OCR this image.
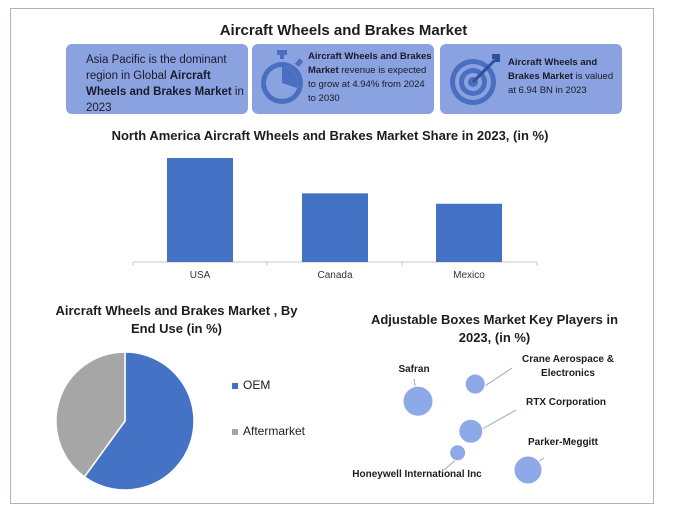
Aircraft Wheels and Brakes Market
Asia Pacific is the dominant region in Global Aircraft Wheels and Brakes Market in 2023
Aircraft Wheels and Brakes Market revenue is expected to grow at 4.94% from 2024 to 2030
Aircraft Wheels and Brakes Market is valued at 6.94 BN in 2023
North America Aircraft Wheels and Brakes Market Share in 2023, (in %)
USA	Canada	Mexico
Aircraft Wheels and Brakes Market , By End Use (in %)
OEM
Aftermarket
Adjustable Boxes Market Key Players in 2023, (in %)
Safran
Crane Aerospace & Electronics
RTX Corporation
Honeywell International Inc
Parker-Meggitt
